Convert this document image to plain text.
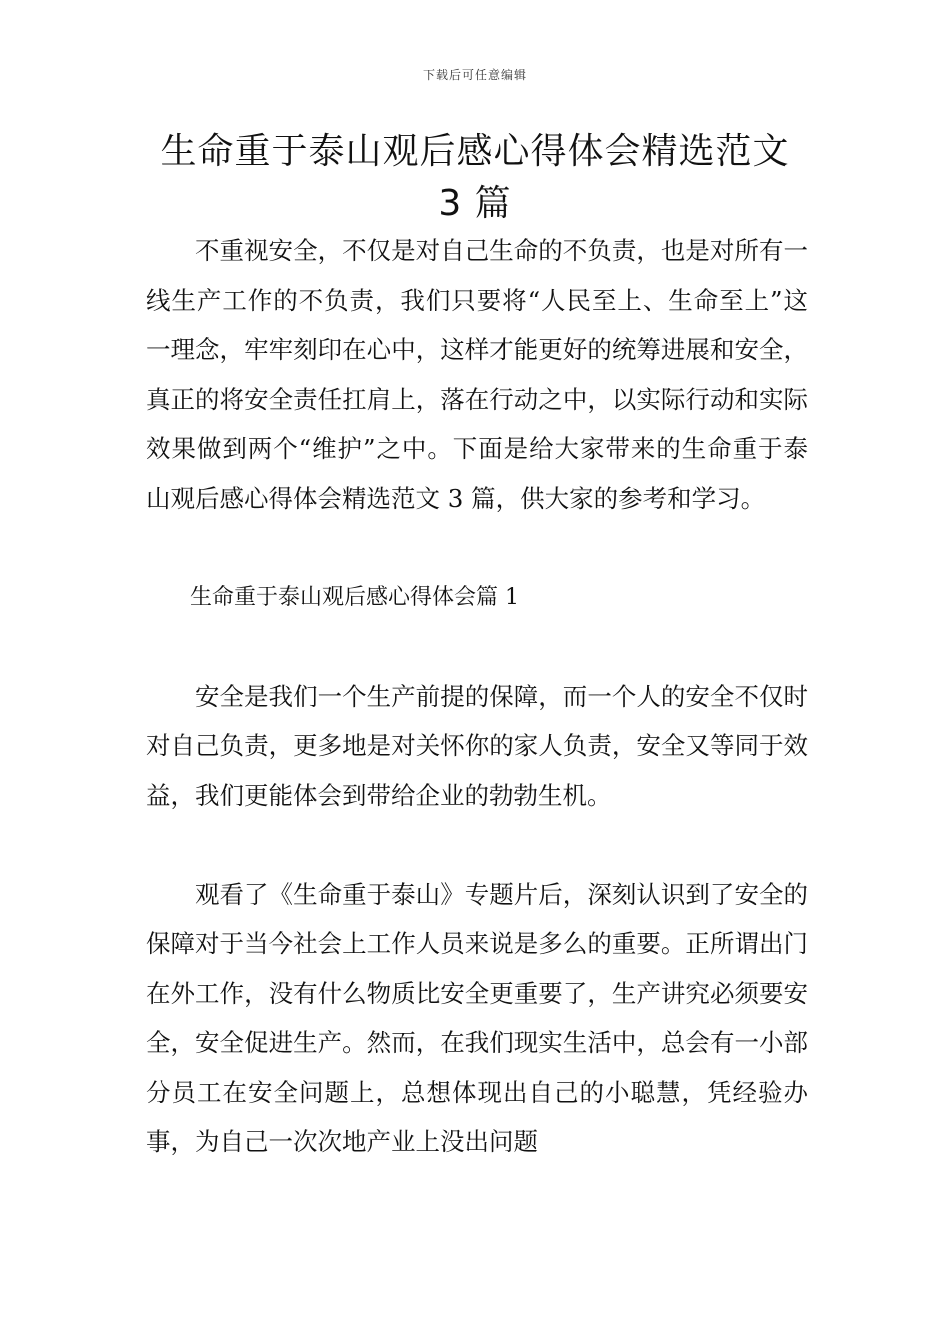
下载后可任意编辑
生命重于泰山观后感心得体会精选范文 3 篇

不重视安全，不仅是对自己生命的不负责，也是对所有一线生产工作的不负责，我们只要将“人民至上、生命至上”这一理念，牢牢刻印在心中，这样才能更好的统筹进展和安全，真正的将安全责任扛肩上，落在行动之中，以实际行动和实际效果做到两个“维护”之中。下面是给大家带来的生命重于泰山观后感心得体会精选范文 3 篇，供大家的参考和学习。

生命重于泰山观后感心得体会篇 1

安全是我们一个生产前提的保障，而一个人的安全不仅时对自己负责，更多地是对关怀你的家人负责，安全又等同于效益，我们更能体会到带给企业的勃勃生机。

观看了《生命重于泰山》专题片后，深刻认识到了安全的保障对于当今社会上工作人员来说是多么的重要。正所谓出门在外工作，没有什么物质比安全更重要了，生产讲究必须要安全，安全促进生产。然而，在我们现实生活中，总会有一小部分员工在安全问题上，总想体现出自己的小聪慧，凭经验办事，为自己一次次地产业上没出问题
